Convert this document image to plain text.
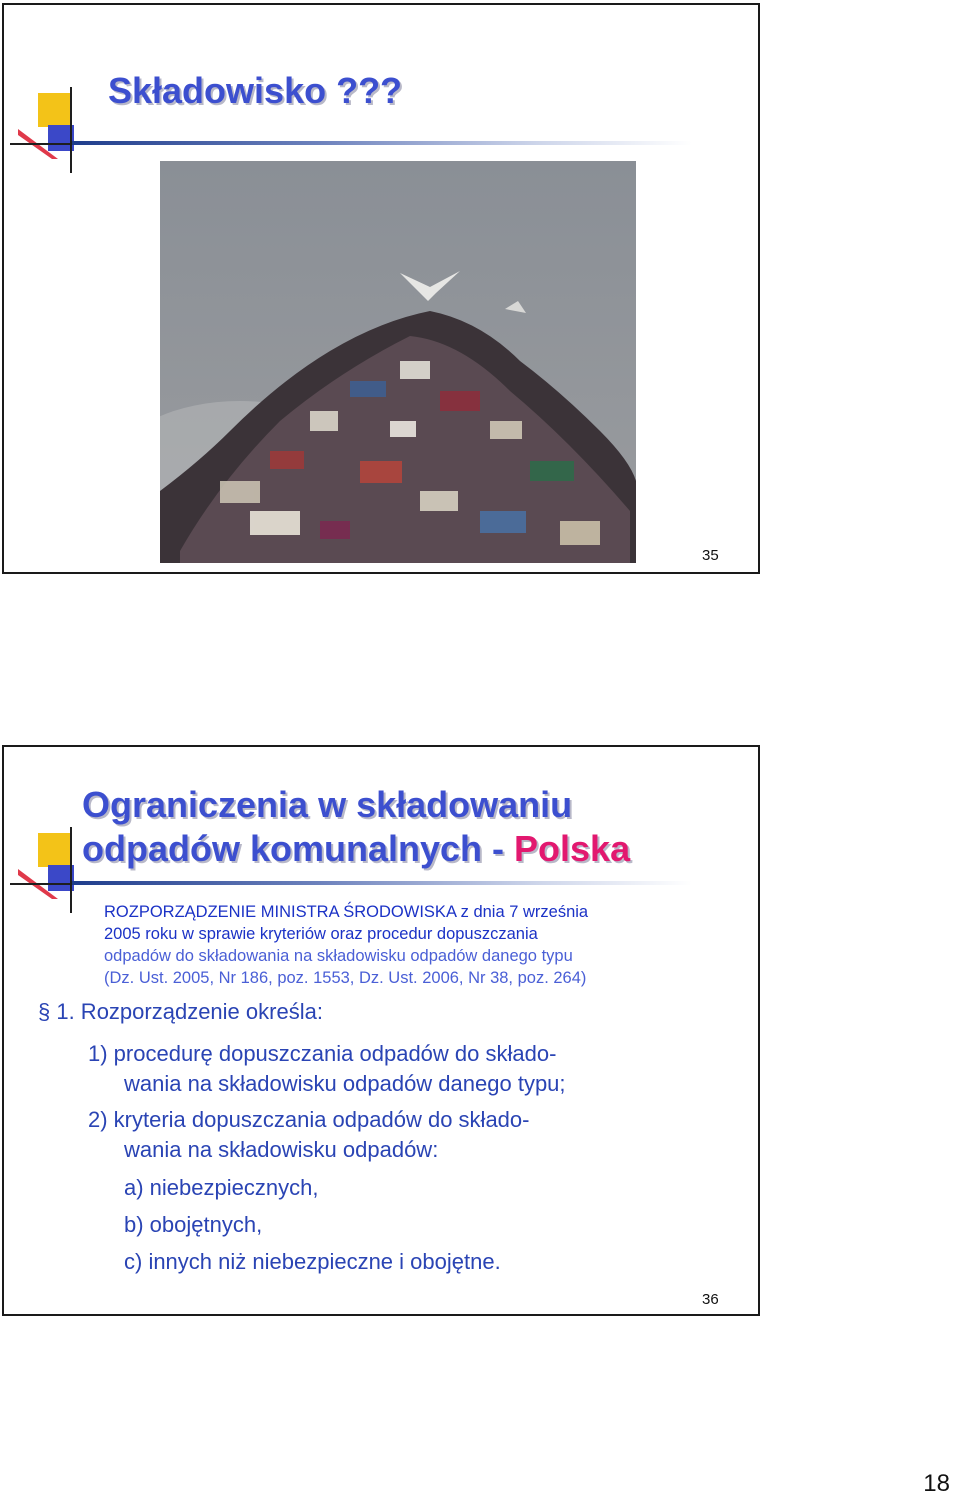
Składowisko ???
35
Ograniczenia w składowaniu
odpadów komunalnych - Polska
ROZPORZĄDZENIE MINISTRA ŚRODOWISKA z dnia 7 września
2005 roku w sprawie kryteriów oraz procedur dopuszczania
odpadów do składowania na składowisku odpadów danego typu
(Dz. Ust. 2005, Nr 186, poz. 1553, Dz. Ust. 2006, Nr 38, poz. 264)
§ 1. Rozporządzenie określa:
1) procedurę dopuszczania odpadów do składo-
wania na składowisku odpadów danego typu;
2) kryteria dopuszczania odpadów do składo-
wania na składowisku odpadów:
a) niebezpiecznych,
b) obojętnych,
c) innych niż niebezpieczne i obojętne.
36
18
